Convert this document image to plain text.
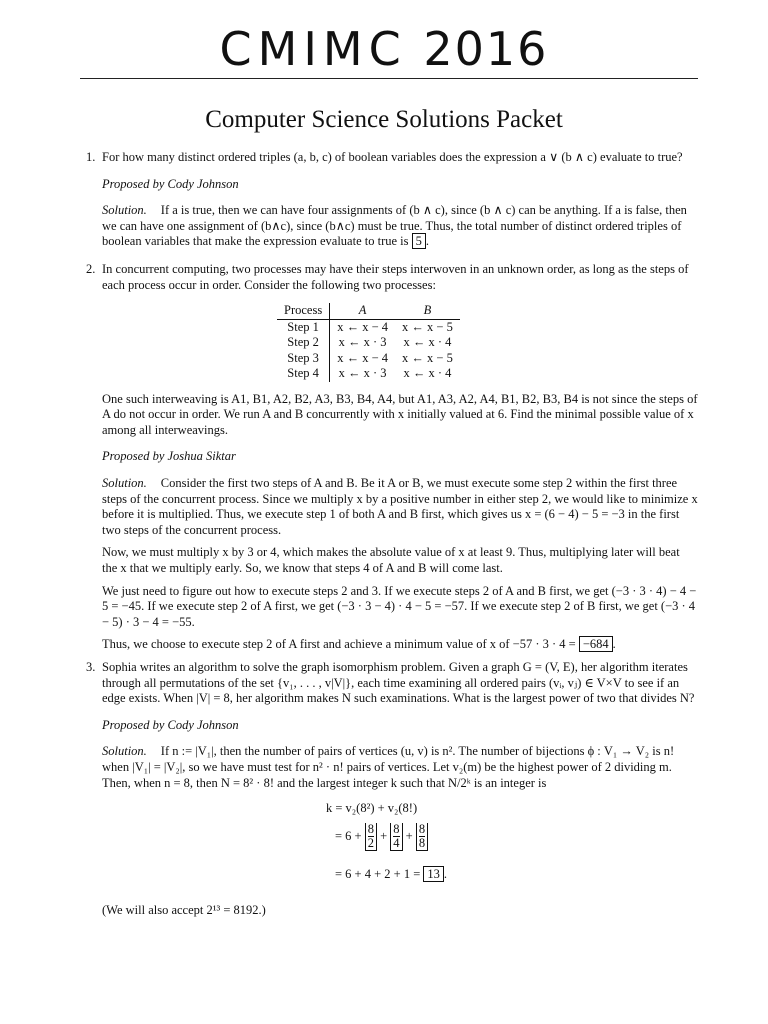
CMIMC 2016
Computer Science Solutions Packet
1. For how many distinct ordered triples (a, b, c) of boolean variables does the expression a ∨ (b ∧ c) evaluate to true?

Proposed by Cody Johnson

Solution. If a is true, then we can have four assignments of (b ∧ c), since (b ∧ c) can be anything. If a is false, then we can have one assignment of (b∧c), since (b∧c) must be true. Thus, the total number of distinct ordered triples of boolean variables that make the expression evaluate to true is 5 .

2. In concurrent computing, two processes may have their steps interwoven in an unknown order, as long as the steps of each process occur in order. Consider the following two processes:

Process	A	B
Step 1	x ← x − 4	x ← x − 5
Step 2	x ← x · 3	x ← x · 4
Step 3	x ← x − 4	x ← x − 5
Step 4	x ← x · 3	x ← x · 4

One such interweaving is A1, B1, A2, B2, A3, B3, B4, A4, but A1, A3, A2, A4, B1, B2, B3, B4 is not since the steps of A do not occur in order. We run A and B concurrently with x initially valued at 6. Find the minimal possible value of x among all interweavings.

Proposed by Joshua Siktar

Solution. Consider the first two steps of A and B. Be it A or B, we must execute some step 2 within the first three steps of the concurrent process. Since we multiply x by a positive number in either step 2, we would like to minimize x before it is multiplied. Thus, we execute step 1 of both A and B first, which gives us x = (6 − 4) − 5 = −3 in the first two steps of the concurrent process.

Now, we must multiply x by 3 or 4, which makes the absolute value of x at least 9. Thus, multiplying later will beat the x that we multiply early. So, we know that steps 4 of A and B will come last.

We just need to figure out how to execute steps 2 and 3. If we execute steps 2 of A and B first, we get (−3 · 3 · 4) − 4 − 5 = −45. If we execute step 2 of A first, we get (−3 · 3 − 4) · 4 − 5 = −57. If we execute step 2 of B first, we get (−3 · 4 − 5) · 3 − 4 = −55.

Thus, we choose to execute step 2 of A first and achieve a minimum value of x of −57 · 3 · 4 = −684 .

3. Sophia writes an algorithm to solve the graph isomorphism problem. Given a graph G = (V, E), her algorithm iterates through all permutations of the set {v₁, . . . , v|V|}, each time examining all ordered pairs (vᵢ, vⱼ) ∈ V×V to see if an edge exists. When |V| = 8, her algorithm makes N such examinations. What is the largest power of two that divides N?

Proposed by Cody Johnson

Solution. If n := |V₁|, then the number of pairs of vertices (u, v) is n². The number of bijections ϕ : V₁ → V₂ is n! when |V₁| = |V₂|, so we have must test for n² · n! pairs of vertices. Let v₂(m) be the highest power of 2 dividing m. Then, when n = 8, then N = 8² · 8! and the largest integer k such that N/2ᵏ is an integer is

k = v₂(8²) + v₂(8!)
= $6 + \frac{8}{2} + \frac{8}{4} + \frac{8}{8}$
= 6 + 4 + 2 + 1 = 13 .

(We will also accept 2¹³ = 8192.)
